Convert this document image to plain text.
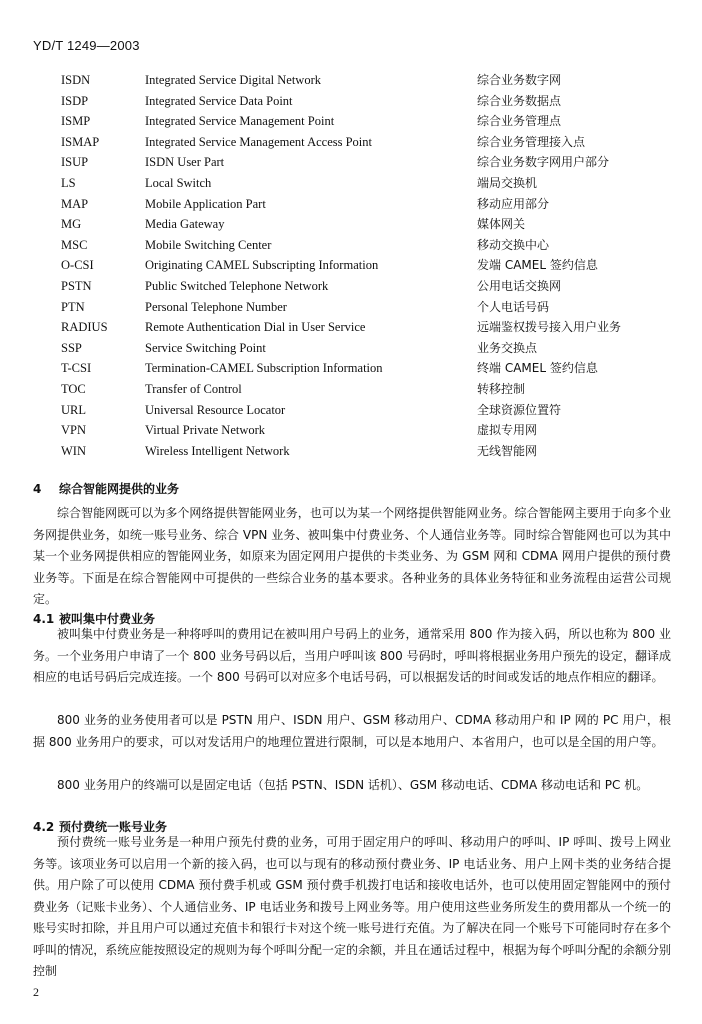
YD/T 1249—2003
ISDN	Integrated Service Digital Network	综合业务数字网
ISDP	Integrated Service Data Point	综合业务数据点
ISMP	Integrated Service Management Point	综合业务管理点
ISMAP	Integrated Service Management Access Point	综合业务管理接入点
ISUP	ISDN User Part	综合业务数字网用户部分
LS	Local Switch	端局交换机
MAP	Mobile Application Part	移动应用部分
MG	Media Gateway	媒体网关
MSC	Mobile Switching Center	移动交换中心
O-CSI	Originating CAMEL Subscripting Information	发端 CAMEL 签约信息
PSTN	Public Switched Telephone Network	公用电话交换网
PTN	Personal Telephone Number	个人电话号码
RADIUS	Remote Authentication Dial in User Service	远端鉴权拨号接入用户业务
SSP	Service Switching Point	业务交换点
T-CSI	Termination-CAMEL Subscription Information	终端 CAMEL 签约信息
TOC	Transfer of Control	转移控制
URL	Universal Resource Locator	全球资源位置符
VPN	Virtual Private Network	虚拟专用网
WIN	Wireless Intelligent Network	无线智能网
4 综合智能网提供的业务

综合智能网既可以为多个网络提供智能网业务，也可以为某一个网络提供智能网业务。综合智能网主要用于向多个业务网提供业务，如统一账号业务、综合 VPN 业务、被叫集中付费业务、个人通信业务等。同时综合智能网也可以为其中某一个业务网提供相应的智能网业务，如原来为固定网用户提供的卡类业务、为 GSM 网和 CDMA 网用户提供的预付费业务等。下面是在综合智能网中可提供的一些综合业务的基本要求。各种业务的具体业务特征和业务流程由运营公司规定。

4.1 被叫集中付费业务

被叫集中付费业务是一种将呼叫的费用记在被叫用户号码上的业务，通常采用 800 作为接入码，所以也称为 800 业务。一个业务用户申请了一个 800 业务号码以后，当用户呼叫该 800 号码时，呼叫将根据业务用户预先的设定，翻译成相应的电话号码后完成连接。一个 800 号码可以对应多个电话号码，可以根据发话的时间或发话的地点作相应的翻译。

800 业务的业务使用者可以是 PSTN 用户、ISDN 用户、GSM 移动用户、CDMA 移动用户和 IP 网的 PC 用户，根据 800 业务用户的要求，可以对发话用户的地理位置进行限制，可以是本地用户、本省用户，也可以是全国的用户等。

800 业务用户的终端可以是固定电话（包括 PSTN、ISDN 话机）、GSM 移动电话、CDMA 移动电话和 PC 机。

4.2 预付费统一账号业务

预付费统一账号业务是一种用户预先付费的业务，可用于固定用户的呼叫、移动用户的呼叫、IP 呼叫、拨号上网业务等。该项业务可以启用一个新的接入码，也可以与现有的移动预付费业务、IP 电话业务、用户上网卡类的业务结合提供。用户除了可以使用 CDMA 预付费手机或 GSM 预付费手机拨打电话和接收电话外，也可以使用固定智能网中的预付费业务（记账卡业务）、个人通信业务、IP 电话业务和拨号上网业务等。用户使用这些业务所发生的费用都从一个统一的账号实时扣除，并且用户可以通过充值卡和银行卡对这个统一账号进行充值。为了解决在同一个账号下可能同时存在多个呼叫的情况，系统应能按照设定的规则为每个呼叫分配一定的余额，并且在通话过程中，根据为每个呼叫分配的余额分别控制

2
